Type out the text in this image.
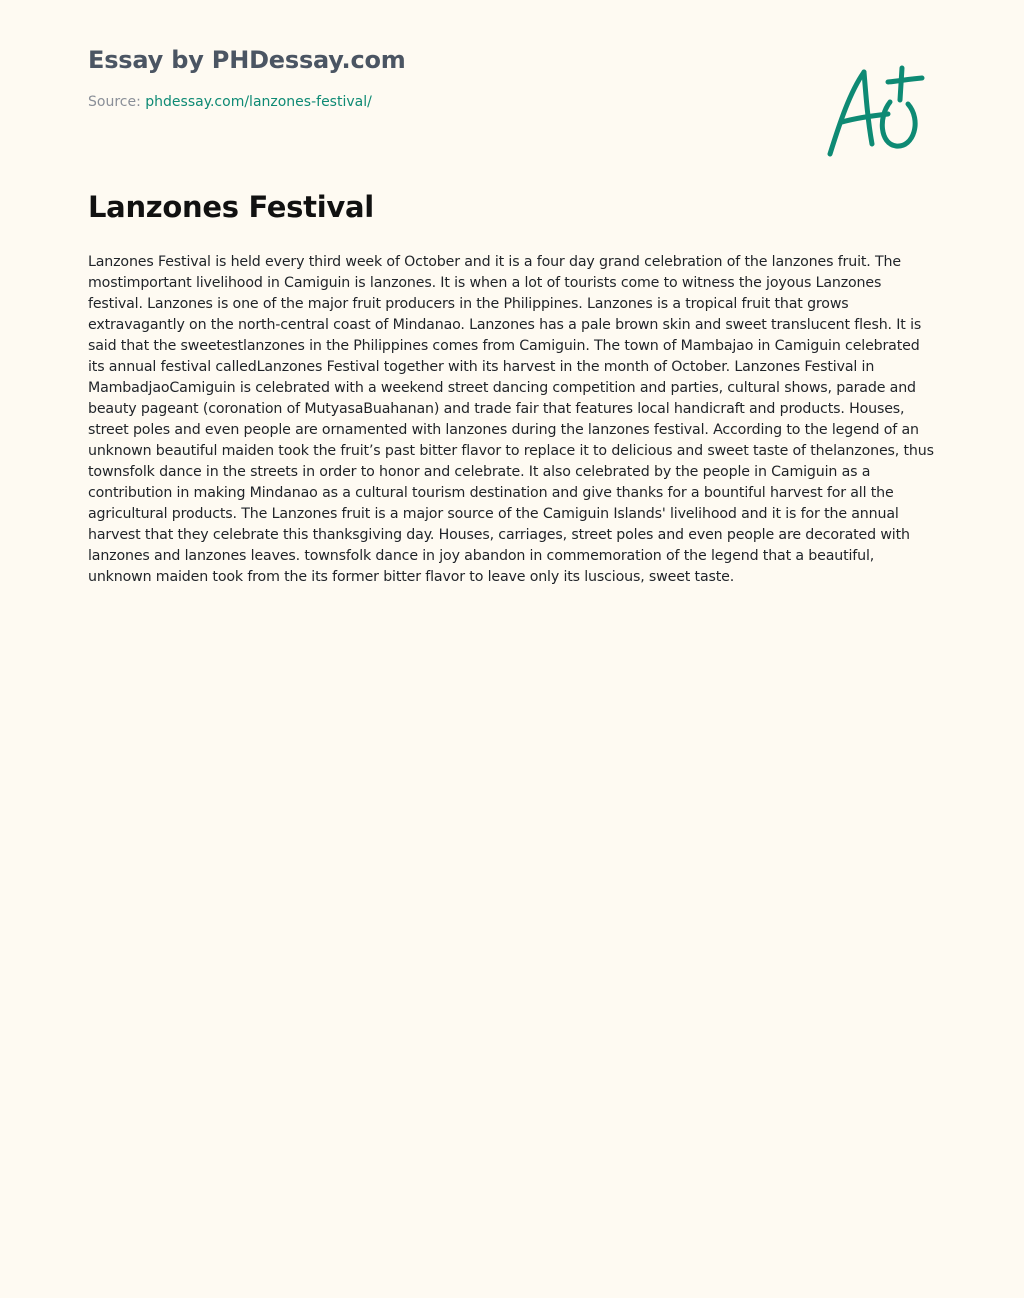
Essay by PHDessay.com
Source: phdessay.com/lanzones-festival/
Lanzones Festival

Lanzones Festival is held every third week of October and it is a four day grand celebration of the lanzones fruit. The mostimportant livelihood in Camiguin is lanzones. It is when a lot of tourists come to witness the joyous Lanzones festival. Lanzones is one of the major fruit producers in the Philippines. Lanzones is a tropical fruit that grows extravagantly on the north-central coast of Mindanao. Lanzones has a pale brown skin and sweet translucent flesh. It is said that the sweetestlanzones in the Philippines comes from Camiguin. The town of Mambajao in Camiguin celebrated its annual festival calledLanzones Festival together with its harvest in the month of October. Lanzones Festival in MambadjaoCamiguin is celebrated with a weekend street dancing competition and parties, cultural shows, parade and beauty pageant (coronation of MutyasaBuahanan) and trade fair that features local handicraft and products. Houses, street poles and even people are ornamented with lanzones during the lanzones festival. According to the legend of an unknown beautiful maiden took the fruit’s past bitter flavor to replace it to delicious and sweet taste of thelanzones, thus townsfolk dance in the streets in order to honor and celebrate. It also celebrated by the people in Camiguin as a contribution in making Mindanao as a cultural tourism destination and give thanks for a bountiful harvest for all the agricultural products. The Lanzones fruit is a major source of the Camiguin Islands' livelihood and it is for the annual harvest that they celebrate this thanksgiving day. Houses, carriages, street poles and even people are decorated with lanzones and lanzones leaves. townsfolk dance in joy abandon in commemoration of the legend that a beautiful, unknown maiden took from the its former bitter flavor to leave only its luscious, sweet taste.
